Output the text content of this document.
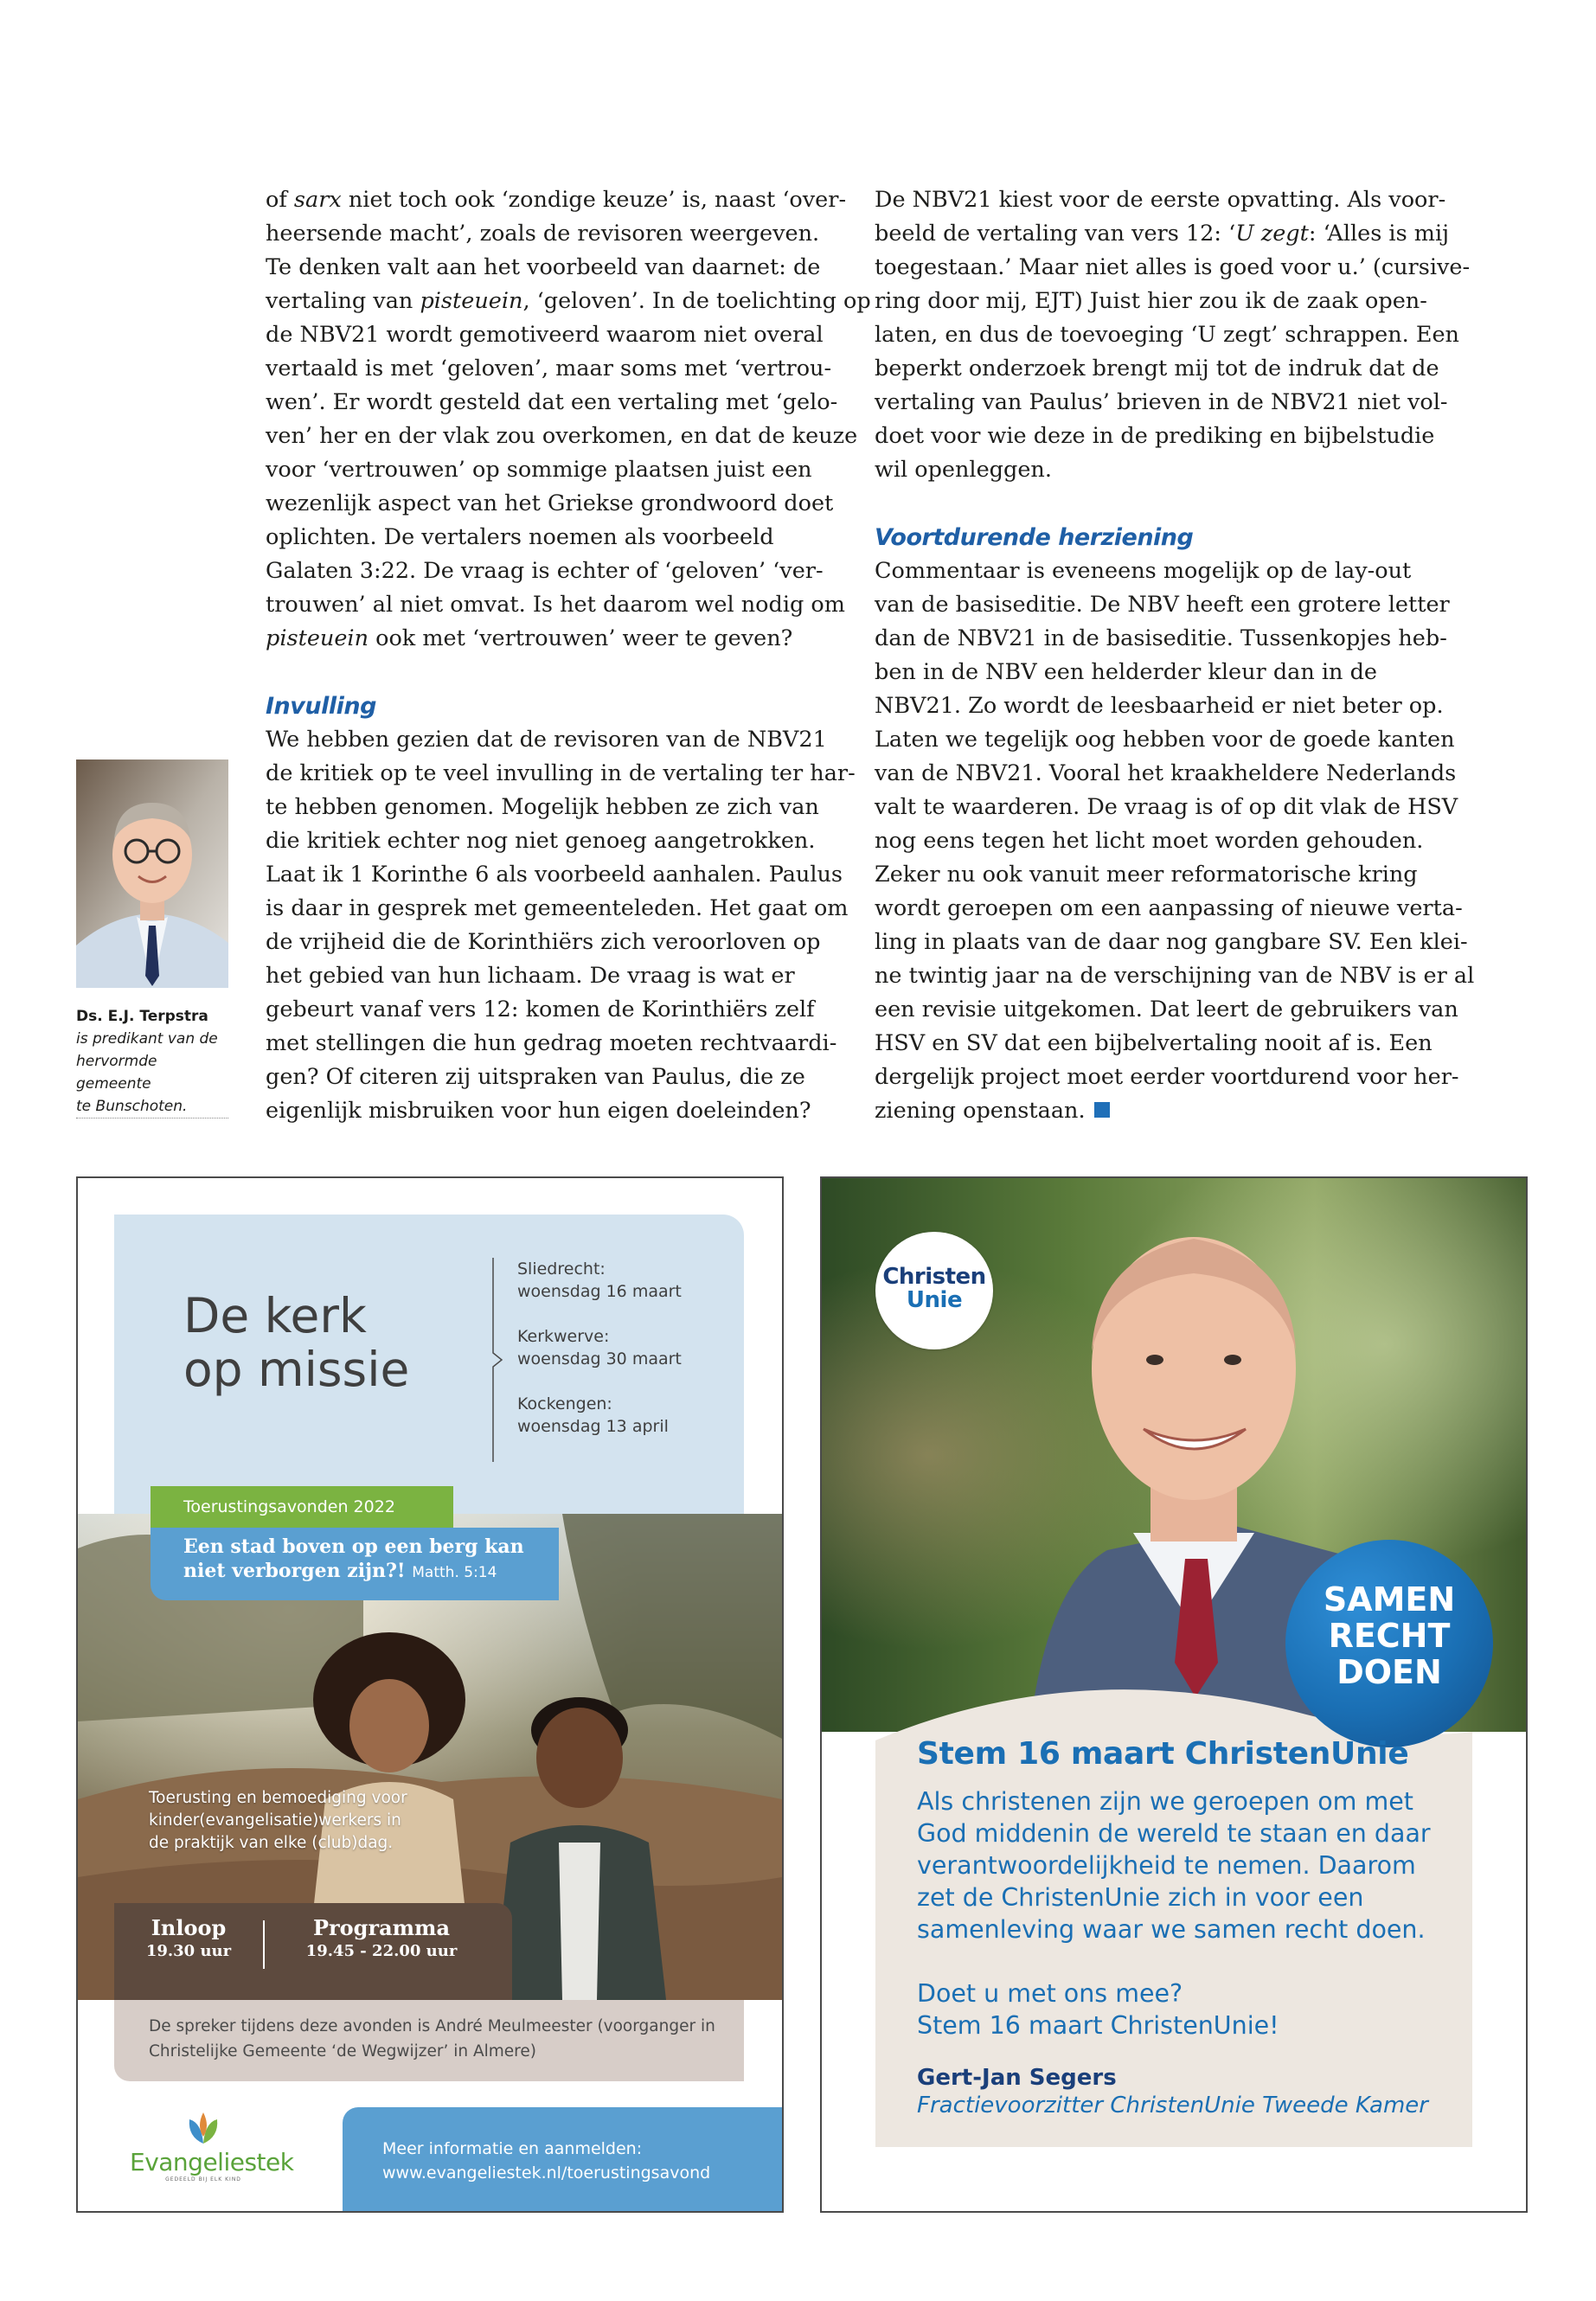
of sarx niet toch ook ‘zondige keuze’ is, naast ‘over-
heersende macht’, zoals de revisoren weergeven.
Te denken valt aan het voorbeeld van daarnet: de
vertaling van pisteuein, ‘geloven’. In de toelichting op
de NBV21 wordt gemotiveerd waarom niet overal
vertaald is met ‘geloven’, maar soms met ‘vertrou-
wen’. Er wordt gesteld dat een vertaling met ‘gelo-
ven’ her en der vlak zou overkomen, en dat de keuze
voor ‘vertrouwen’ op sommige plaatsen juist een
wezenlijk aspect van het Griekse grondwoord doet
oplichten. De vertalers noemen als voorbeeld
Galaten 3:22. De vraag is echter of ‘geloven’ ‘ver-
trouwen’ al niet omvat. Is het daarom wel nodig om
pisteuein ook met ‘vertrouwen’ weer te geven?

Invulling

We hebben gezien dat de revisoren van de NBV21
de kritiek op te veel invulling in de vertaling ter har-
te hebben genomen. Mogelijk hebben ze zich van
die kritiek echter nog niet genoeg aangetrokken.
Laat ik 1 Korinthe 6 als voorbeeld aanhalen. Paulus
is daar in gesprek met gemeenteleden. Het gaat om
de vrijheid die de Korinthiërs zich veroorloven op
het gebied van hun lichaam. De vraag is wat er
gebeurt vanaf vers 12: komen de Korinthiërs zelf
met stellingen die hun gedrag moeten rechtvaardi-
gen? Of citeren zij uitspraken van Paulus, die ze
eigenlijk misbruiken voor hun eigen doeleinden?

De NBV21 kiest voor de eerste opvatting. Als voor-
beeld de vertaling van vers 12: ‘U zegt: ‘Alles is mij
toegestaan.’ Maar niet alles is goed voor u.’ (cursive-
ring door mij, EJT) Juist hier zou ik de zaak open-
laten, en dus de toevoeging ‘U zegt’ schrappen. Een
beperkt onderzoek brengt mij tot de indruk dat de
vertaling van Paulus’ brieven in de NBV21 niet vol-
doet voor wie deze in de prediking en bijbelstudie
wil openleggen.

Voortdurende herziening

Commentaar is eveneens mogelijk op de lay-out
van de basiseditie. De NBV heeft een grotere letter
dan de NBV21 in de basiseditie. Tussenkopjes heb-
ben in de NBV een helderder kleur dan in de
NBV21. Zo wordt de leesbaarheid er niet beter op.
Laten we tegelijk oog hebben voor de goede kanten
van de NBV21. Vooral het kraakheldere Nederlands
valt te waarderen. De vraag is of op dit vlak de HSV
nog eens tegen het licht moet worden gehouden.
Zeker nu ook vanuit meer reformatorische kring
wordt geroepen om een aanpassing of nieuwe verta-
ling in plaats van de daar nog gangbare SV. Een klei-
ne twintig jaar na de verschijning van de NBV is er al
een revisie uitgekomen. Dat leert de gebruikers van
HSV en SV dat een bijbelvertaling nooit af is. Een
dergelijk project moet eerder voortdurend voor her-
ziening openstaan.

Ds. E.J. Terpstra
is predikant van de
hervormde gemeente
te Bunschoten.
De kerk
op missie
Sliedrecht:
woensdag 16 maart
Kerkwerve:
woensdag 30 maart
Kockengen:
woensdag 13 april
Toerustingsavonden 2022
Een stad boven op een berg kan
niet verborgen zijn?! Matth. 5:14
Toerusting en bemoediging voor
kinder(evangelisatie)werkers in
de praktijk van elke (club)dag.
Inloop
19.30 uur
Programma
19.45 - 22.00 uur
De spreker tijdens deze avonden is André Meulmeester (voorganger in
Christelijke Gemeente ‘de Wegwijzer’ in Almere)
Evangeliestek
GEDEELD BIJ ELK KIND
Meer informatie en aanmelden:
www.evangeliestek.nl/toerustingsavond
Christen
Unie
SAMEN
RECHT
DOEN
Stem 16 maart ChristenUnie
Als christenen zijn we geroepen om met
God middenin de wereld te staan en daar
verantwoordelijkheid te nemen. Daarom
zet de ChristenUnie zich in voor een
samenleving waar we samen recht doen.
Doet u met ons mee?
Stem 16 maart ChristenUnie!
Gert-Jan Segers
Fractievoorzitter ChristenUnie Tweede Kamer
